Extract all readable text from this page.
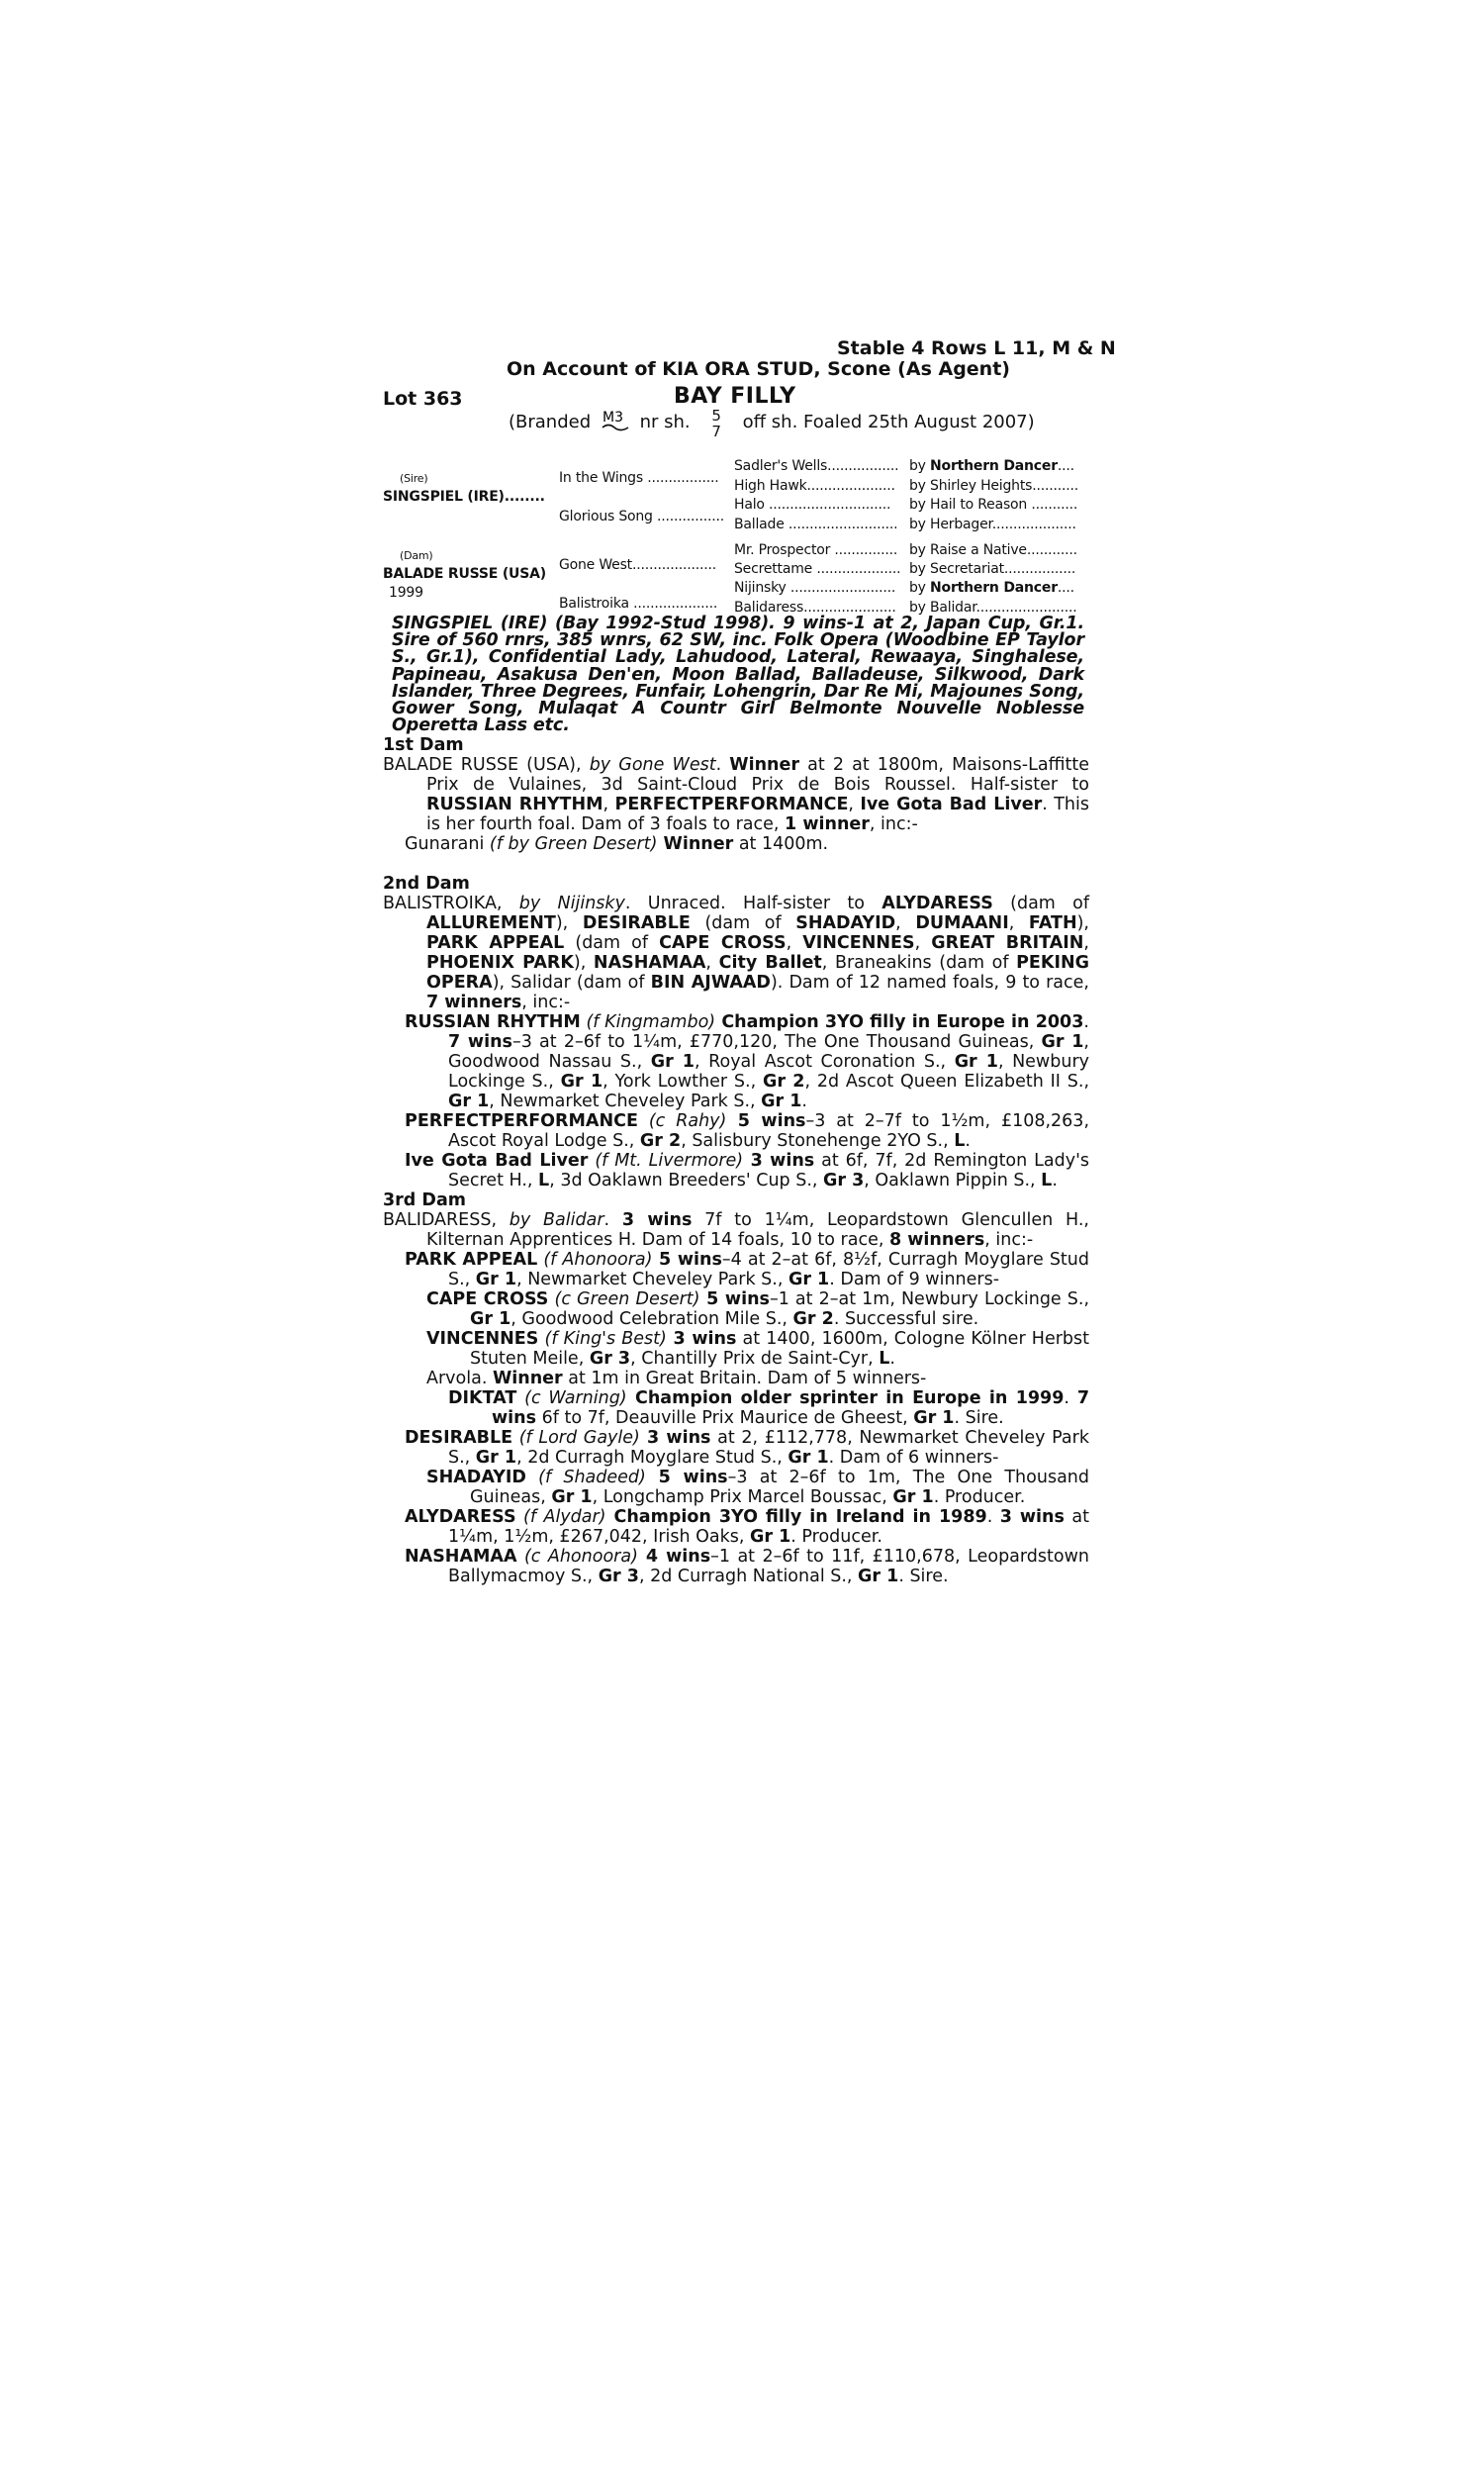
Stable 4 Rows L 11, M & N
On Account of KIA ORA STUD, Scone (As Agent)
Lot 363	BAY FILLY
(Branded M3 nr sh. 5
7 off sh. Foaled 25th August 2007)
(Sire)
SINGSPIEL (IRE)........
(Dam)
BALADE RUSSE (USA)
1999
In the Wings .................
Glorious Song ................
Gone West....................
Balistroika ....................
Sadler's Wells.................
High Hawk.....................
Halo .............................
Ballade ..........................
Mr. Prospector ...............
Secrettame ....................
Nijinsky .........................
Balidaress......................
by Northern Dancer....
by Shirley Heights...........
by Hail to Reason ...........
by Herbager....................
by Raise a Native............
by Secretariat.................
by Northern Dancer....
by Balidar........................
SINGSPIEL (IRE) (Bay 1992-Stud 1998). 9 wins-1 at 2, Japan Cup, Gr.1. Sire of 560 rnrs, 385 wnrs, 62 SW, inc. Folk Opera (Woodbine EP Taylor S., Gr.1), Confidential Lady, Lahudood, Lateral, Rewaaya, Singhalese, Papineau, Asakusa Den'en, Moon Ballad, Balladeuse, Silkwood, Dark Islander, Three Degrees, Funfair, Lohengrin, Dar Re Mi, Majounes Song, Gower Song, Mulaqat A Countr Girl Belmonte Nouvelle Noblesse Operetta Lass etc.
1st Dam

BALADE RUSSE (USA), by Gone West. Winner at 2 at 1800m, Maisons-Laffitte Prix de Vulaines, 3d Saint-Cloud Prix de Bois Roussel. Half-sister to RUSSIAN RHYTHM, PERFECTPERFORMANCE, Ive Gota Bad Liver. This is her fourth foal. Dam of 3 foals to race, 1 winner, inc:-

Gunarani (f by Green Desert) Winner at 1400m.

2nd Dam

BALISTROIKA, by Nijinsky. Unraced. Half-sister to ALYDARESS (dam of ALLUREMENT), DESIRABLE (dam of SHADAYID, DUMAANI, FATH), PARK APPEAL (dam of CAPE CROSS, VINCENNES, GREAT BRITAIN, PHOENIX PARK), NASHAMAA, City Ballet, Braneakins (dam of PEKING OPERA), Salidar (dam of BIN AJWAAD). Dam of 12 named foals, 9 to race, 7 winners, inc:-

RUSSIAN RHYTHM (f Kingmambo) Champion 3YO filly in Europe in 2003. 7 wins–3 at 2–6f to 1¼m, £770,120, The One Thousand Guineas, Gr 1, Goodwood Nassau S., Gr 1, Royal Ascot Coronation S., Gr 1, Newbury Lockinge S., Gr 1, York Lowther S., Gr 2, 2d Ascot Queen Elizabeth II S., Gr 1, Newmarket Cheveley Park S., Gr 1.

PERFECTPERFORMANCE (c Rahy) 5 wins–3 at 2–7f to 1½m, £108,263, Ascot Royal Lodge S., Gr 2, Salisbury Stonehenge 2YO S., L.

Ive Gota Bad Liver (f Mt. Livermore) 3 wins at 6f, 7f, 2d Remington Lady's Secret H., L, 3d Oaklawn Breeders' Cup S., Gr 3, Oaklawn Pippin S., L.

3rd Dam

BALIDARESS, by Balidar. 3 wins 7f to 1¼m, Leopardstown Glencullen H., Kilternan Apprentices H. Dam of 14 foals, 10 to race, 8 winners, inc:-

PARK APPEAL (f Ahonoora) 5 wins–4 at 2–at 6f, 8½f, Curragh Moyglare Stud S., Gr 1, Newmarket Cheveley Park S., Gr 1. Dam of 9 winners-

CAPE CROSS (c Green Desert) 5 wins–1 at 2–at 1m, Newbury Lockinge S., Gr 1, Goodwood Celebration Mile S., Gr 2. Successful sire.

VINCENNES (f King's Best) 3 wins at 1400, 1600m, Cologne Kölner Herbst Stuten Meile, Gr 3, Chantilly Prix de Saint-Cyr, L.

Arvola. Winner at 1m in Great Britain. Dam of 5 winners-

DIKTAT (c Warning) Champion older sprinter in Europe in 1999. 7 wins 6f to 7f, Deauville Prix Maurice de Gheest, Gr 1. Sire.

DESIRABLE (f Lord Gayle) 3 wins at 2, £112,778, Newmarket Cheveley Park S., Gr 1, 2d Curragh Moyglare Stud S., Gr 1. Dam of 6 winners-

SHADAYID (f Shadeed) 5 wins–3 at 2–6f to 1m, The One Thousand Guineas, Gr 1, Longchamp Prix Marcel Boussac, Gr 1. Producer.

ALYDARESS (f Alydar) Champion 3YO filly in Ireland in 1989. 3 wins at 1¼m, 1½m, £267,042, Irish Oaks, Gr 1. Producer.

NASHAMAA (c Ahonoora) 4 wins–1 at 2–6f to 11f, £110,678, Leopardstown Ballymacmoy S., Gr 3, 2d Curragh National S., Gr 1. Sire.
